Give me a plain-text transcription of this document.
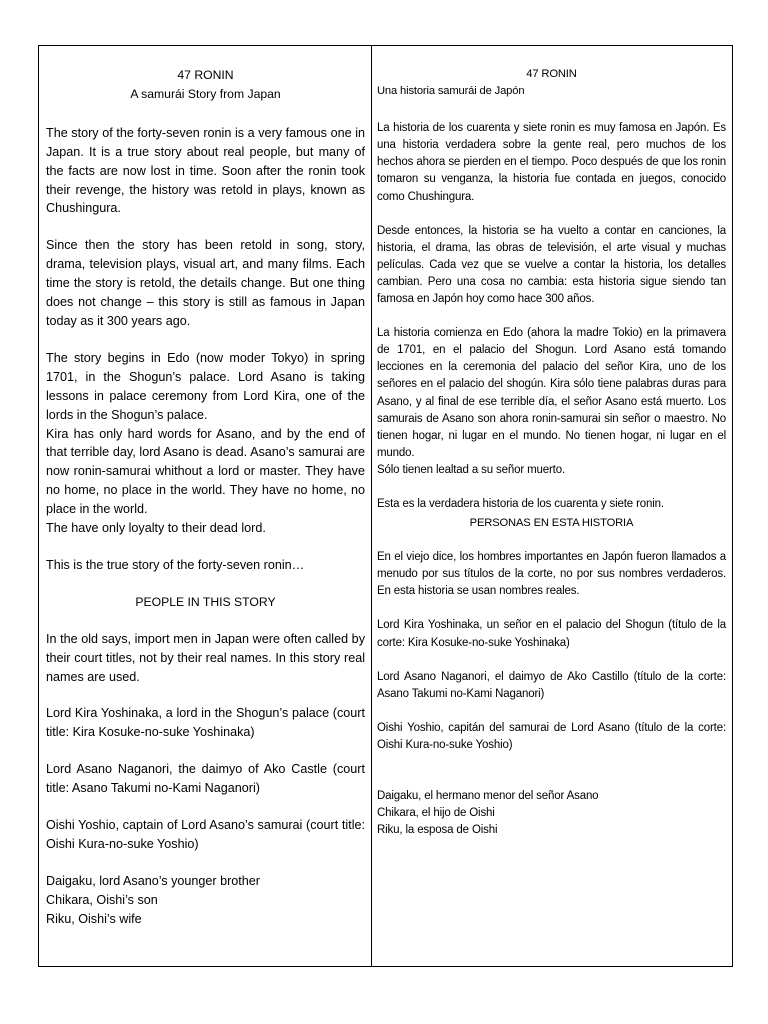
47 RONIN

A samurái Story from Japan

The story of the forty-seven ronin is a very famous one in Japan. It is a true story about real people, but many of the facts are now lost in time. Soon after the ronin took their revenge, the history was retold in plays, known as Chushingura.

Since then the story has been retold in song, story, drama, television plays, visual art, and many films. Each time the story is retold, the details change. But one thing does not change – this story is still as famous in Japan today as it 300 years ago.

The story begins in Edo (now moder Tokyo) in spring 1701, in the Shogun’s palace. Lord Asano is taking lessons in palace ceremony from Lord Kira, one of the lords in the Shogun’s palace.

Kira has only hard words for Asano, and by the end of that terrible day, lord Asano is dead. Asano’s samurai are now ronin-samurai whithout a lord or master. They have no home, no place in the world. They have no home, no place in the world.

The have only loyalty to their dead lord.

This is the true story of the forty-seven ronin…

PEOPLE IN THIS STORY

In the old says, import men in Japan were often called by their court titles, not by their real names. In this story real names are used.

Lord Kira Yoshinaka, a lord in the Shogun’s palace (court title: Kira Kosuke-no-suke Yoshinaka)

Lord Asano Naganori, the daimyo of Ako Castle (court title: Asano Takumi no-Kami Naganori)

Oishi Yoshio, captain of Lord Asano’s samurai (court title: Oishi Kura-no-suke Yoshio)

Daigaku, lord Asano’s younger brother

Chikara, Oishi’s son

Riku, Oishi’s wife

47 RONIN

Una historia samurái de Japón

La historia de los cuarenta y siete ronin es muy famosa en Japón. Es una historia verdadera sobre la gente real, pero muchos de los hechos ahora se pierden en el tiempo. Poco después de que los ronin tomaron su venganza, la historia fue contada en juegos, conocido como Chushingura.

Desde entonces, la historia se ha vuelto a contar en canciones, la historia, el drama, las obras de televisión, el arte visual y muchas películas. Cada vez que se vuelve a contar la historia, los detalles cambian. Pero una cosa no cambia: esta historia sigue siendo tan famosa en Japón hoy como hace 300 años.

La historia comienza en Edo (ahora la madre Tokio) en la primavera de 1701, en el palacio del Shogun. Lord Asano está tomando lecciones en la ceremonia del palacio del señor Kira, uno de los señores en el palacio del shogún. Kira sólo tiene palabras duras para Asano, y al final de ese terrible día, el señor Asano está muerto. Los samurais de Asano son ahora ronin-samurai sin señor o maestro. No tienen hogar, ni lugar en el mundo. No tienen hogar, ni lugar en el mundo.

Sólo tienen lealtad a su señor muerto.

Esta es la verdadera historia de los cuarenta y siete ronin.

PERSONAS EN ESTA HISTORIA

En el viejo dice, los hombres importantes en Japón fueron llamados a menudo por sus títulos de la corte, no por sus nombres verdaderos. En esta historia se usan nombres reales.

Lord Kira Yoshinaka, un señor en el palacio del Shogun (título de la corte: Kira Kosuke-no-suke Yoshinaka)

Lord Asano Naganori, el daimyo de Ako Castillo (título de la corte: Asano Takumi no-Kami Naganori)

Oishi Yoshio, capitán del samurai de Lord Asano (título de la corte: Oishi Kura-no-suke Yoshio)

Daigaku, el hermano menor del señor Asano

Chikara, el hijo de Oishi

Riku, la esposa de Oishi
